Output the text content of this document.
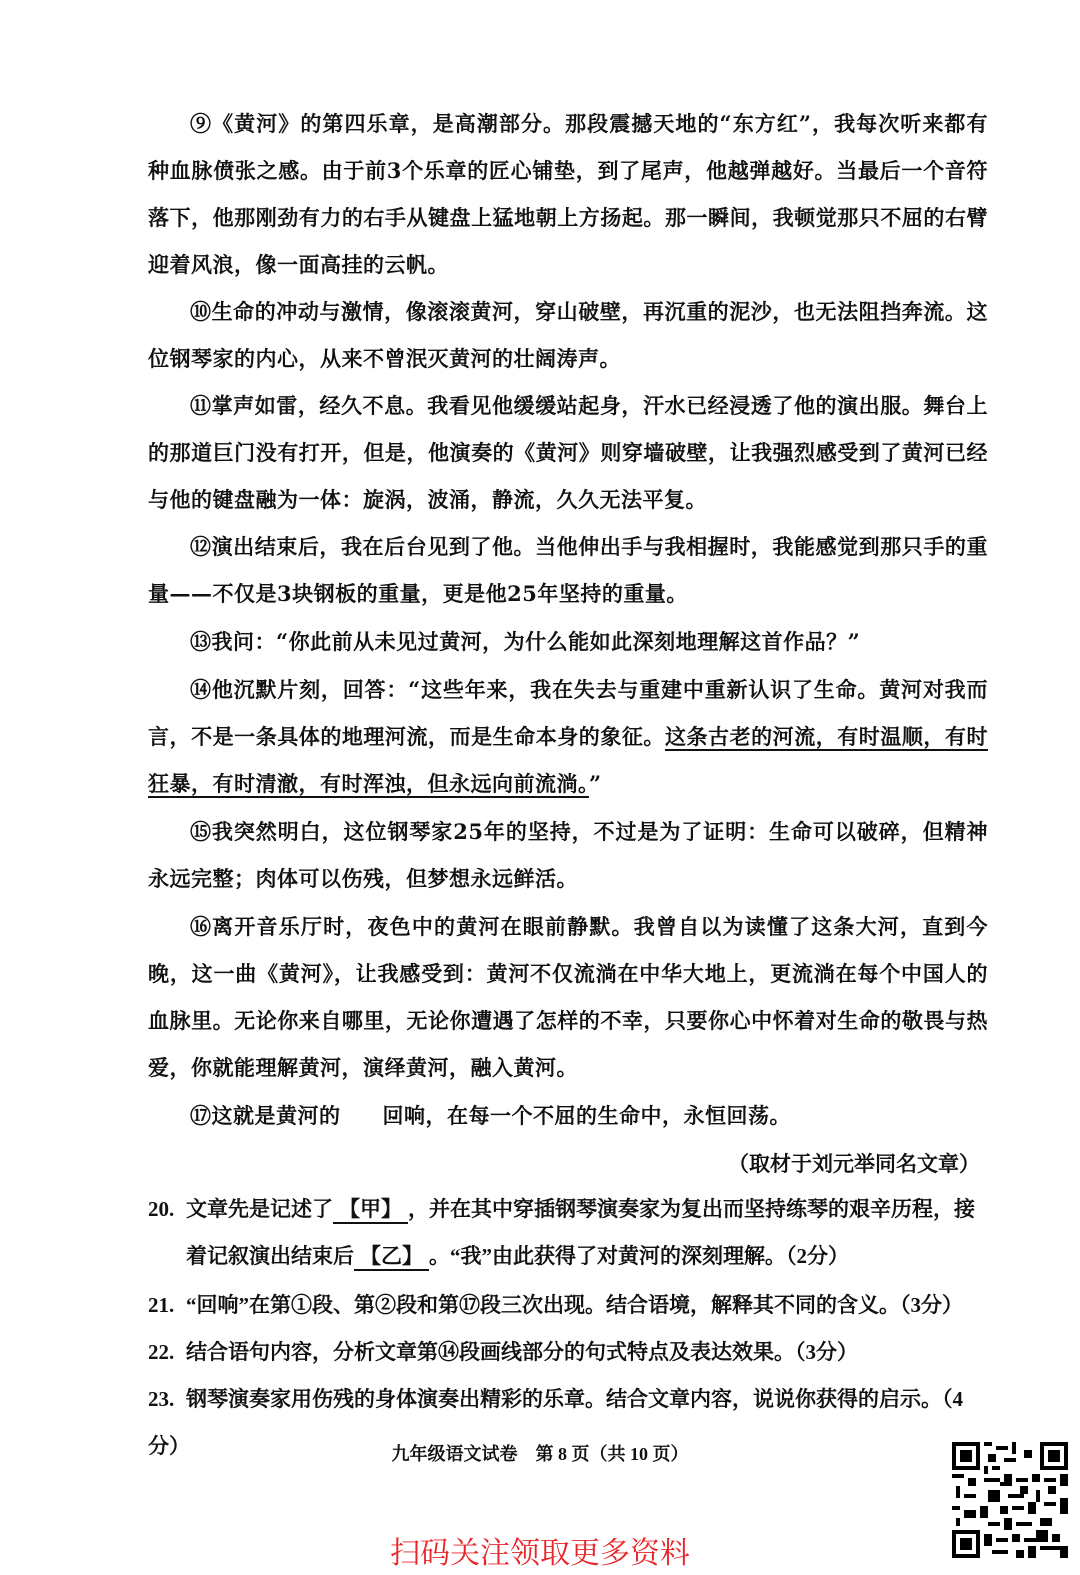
⑨《黄河》的第四乐章，是高潮部分。那段震撼天地的“东方红”，我每次听来都有种血脉偾张之感。由于前3个乐章的匠心铺垫，到了尾声，他越弹越好。当最后一个音符落下，他那刚劲有力的右手从键盘上猛地朝上方扬起。那一瞬间，我顿觉那只不屈的右臂迎着风浪，像一面高挂的云帆。

⑩生命的冲动与激情，像滚滚黄河，穿山破壁，再沉重的泥沙，也无法阻挡奔流。这位钢琴家的内心，从来不曾泯灭黄河的壮阔涛声。

⑪掌声如雷，经久不息。我看见他缓缓站起身，汗水已经浸透了他的演出服。舞台上的那道巨门没有打开，但是，他演奏的《黄河》则穿墙破壁，让我强烈感受到了黄河已经与他的键盘融为一体：旋涡，波涌，静流，久久无法平复。

⑫演出结束后，我在后台见到了他。当他伸出手与我相握时，我能感觉到那只手的重量——不仅是3块钢板的重量，更是他25年坚持的重量。

⑬我问：“你此前从未见过黄河，为什么能如此深刻地理解这首作品？”

⑭他沉默片刻，回答：“这些年来，我在失去与重建中重新认识了生命。黄河对我而言，不是一条具体的地理河流，而是生命本身的象征。这条古老的河流，有时温顺，有时狂暴，有时清澈，有时浑浊，但永远向前流淌。”

⑮我突然明白，这位钢琴家25年的坚持，不过是为了证明：生命可以破碎，但精神永远完整；肉体可以伤残，但梦想永远鲜活。

⑯离开音乐厅时，夜色中的黄河在眼前静默。我曾自以为读懂了这条大河，直到今晚，这一曲《黄河》，让我感受到：黄河不仅流淌在中华大地上，更流淌在每个中国人的血脉里。无论你来自哪里，无论你遭遇了怎样的不幸，只要你心中怀着对生命的敬畏与热爱，你就能理解黄河，演绎黄河，融入黄河。

⑰这就是黄河的 回响 · ·，在每一个不屈的生命中，永恒回荡。

（取材于刘元举同名文章）

20. 文章先是记述了 【甲】 ，并在其中穿插钢琴演奏家为复出而坚持练琴的艰辛历程，接
着记叙演出结束后 【乙】 。“我”由此获得了对黄河的深刻理解。（2分）
21. “回响”在第①段、第②段和第⑰段三次出现。结合语境，解释其不同的含义。（3分）
22. 结合语句内容，分析文章第⑭段画线部分的句式特点及表达效果。（3分）
23. 钢琴演奏家用伤残的身体演奏出精彩的乐章。结合文章内容，说说你获得的启示。（4分）	九年级语文试卷　第 8 页（共 10 页）

扫码关注领取更多资料
